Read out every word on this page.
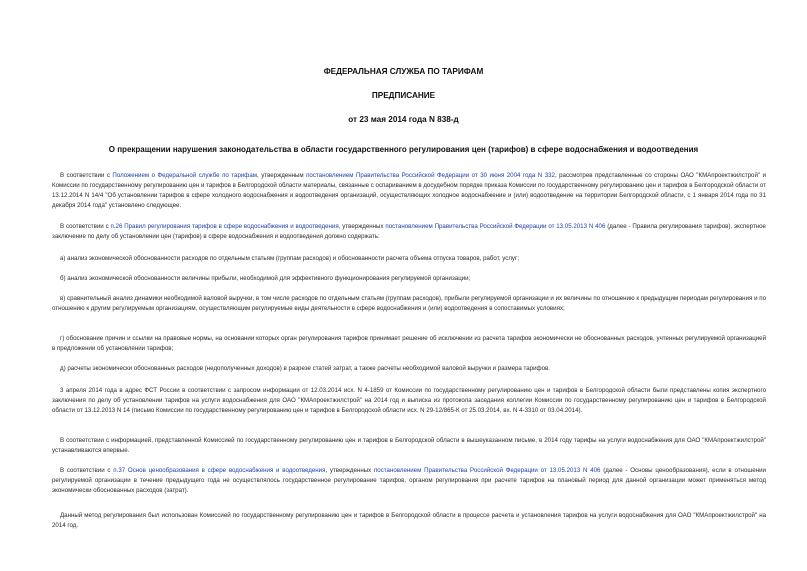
ФЕДЕРАЛЬНАЯ СЛУЖБА ПО ТАРИФАМ
ПРЕДПИСАНИЕ
от 23 мая 2014 года N 838-д
О прекращении нарушения законодательства в области государственного регулирования цен (тарифов) в сфере водоснабжения и водоотведения

В соответствии с Положением о Федеральной службе по тарифам, утвержденным постановлением Правительства Российской Федерации от 30 июня 2004 года N 332, рассмотрев представленные со стороны ОАО "КМАпроектжилстрой" и Комиссии по государственному регулированию цен и тарифов в Белгородской области материалы, связанные с оспариванием в досудебном порядке приказа Комиссии по государственному регулированию цен и тарифов в Белгородской области от 13.12.2014 N 14/4 "Об установлении тарифов в сфере холодного водоснабжения и водоотведения организаций, осуществляющих холодное водоснабжение и (или) водоотведение на территории Белгородской области, с 1 января 2014 года по 31 декабря 2014 года" установлено следующее.

В соответствии с п.26 Правил регулирования тарифов в сфере водоснабжения и водоотведения, утвержденных постановлением Правительства Российской Федерации от 13.05.2013 N 406 (далее - Правила регулирования тарифов), экспертное заключение по делу об установлении цен (тарифов) в сфере водоснабжения и водоотведения должно содержать:

а) анализ экономической обоснованности расходов по отдельным статьям (группам расходов) и обоснованности расчета объема отпуска товаров, работ, услуг;

б) анализ экономической обоснованности величины прибыли, необходимой для эффективного функционирования регулируемой организации;

в) сравнительный анализ динамики необходимой валовой выручки, в том числе расходов по отдельным статьям (группам расходов), прибыли регулируемой организации и их величины по отношению к предыдущим периодам регулирования и по отношению к другим регулируемым организациям, осуществляющим регулируемые виды деятельности в сфере водоснабжения и (или) водоотведения в сопоставимых условиях;

г) обоснование причин и ссылки на правовые нормы, на основании которых орган регулирования тарифов принимает решение об исключении из расчета тарифов экономически не обоснованных расходов, учтенных регулируемой организацией в предложении об установлении тарифов;

д) расчеты экономически обоснованных расходов (недополученных доходов) в разрезе статей затрат, а также расчеты необходимой валовой выручки и размера тарифов.

3 апреля 2014 года в адрес ФСТ России в соответствии с запросом информации от 12.03.2014 исх. N 4-1859 от Комиссии по государственному регулированию цен и тарифов в Белгородской области были представлены копия экспертного заключения по делу об установлении тарифов на услуги водоснабжения для ОАО "КМАпроектжилстрой" на 2014 год и выписка из протокола заседания коллегии Комиссии по государственному регулированию цен и тарифов в Белгородской области от 13.12.2013 N 14 (письмо Комиссии по государственному регулированию цен и тарифов в Белгородской области исх. N 29-12/865-К от 25.03.2014, вх. N 4-3310 от 03.04.2014).

В соответствии с информацией, представленной Комиссией по государственному регулированию цен и тарифов в Белгородской области в вышеуказанном письме, в 2014 году тарифы на услуги водоснабжения для ОАО "КМАпроектжилстрой" устанавливаются впервые.

В соответствии с п.37 Основ ценообразования в сфере водоснабжения и водоотведения, утвержденных постановлением Правительства Российской Федерации от 13.05.2013 N 406 (далее - Основы ценообразования), если в отношении регулируемой организации в течение предыдущего года не осуществлялось государственное регулирование тарифов, органом регулирования при расчете тарифов на плановый период для данной организации может применяться метод экономически обоснованных расходов (затрат).

Данный метод регулирования был использован Комиссией по государственному регулированию цен и тарифов в Белгородской области в процессе расчета и установления тарифов на услуги водоснабжения для ОАО "КМАпроектжилстрой" на 2014 год.
